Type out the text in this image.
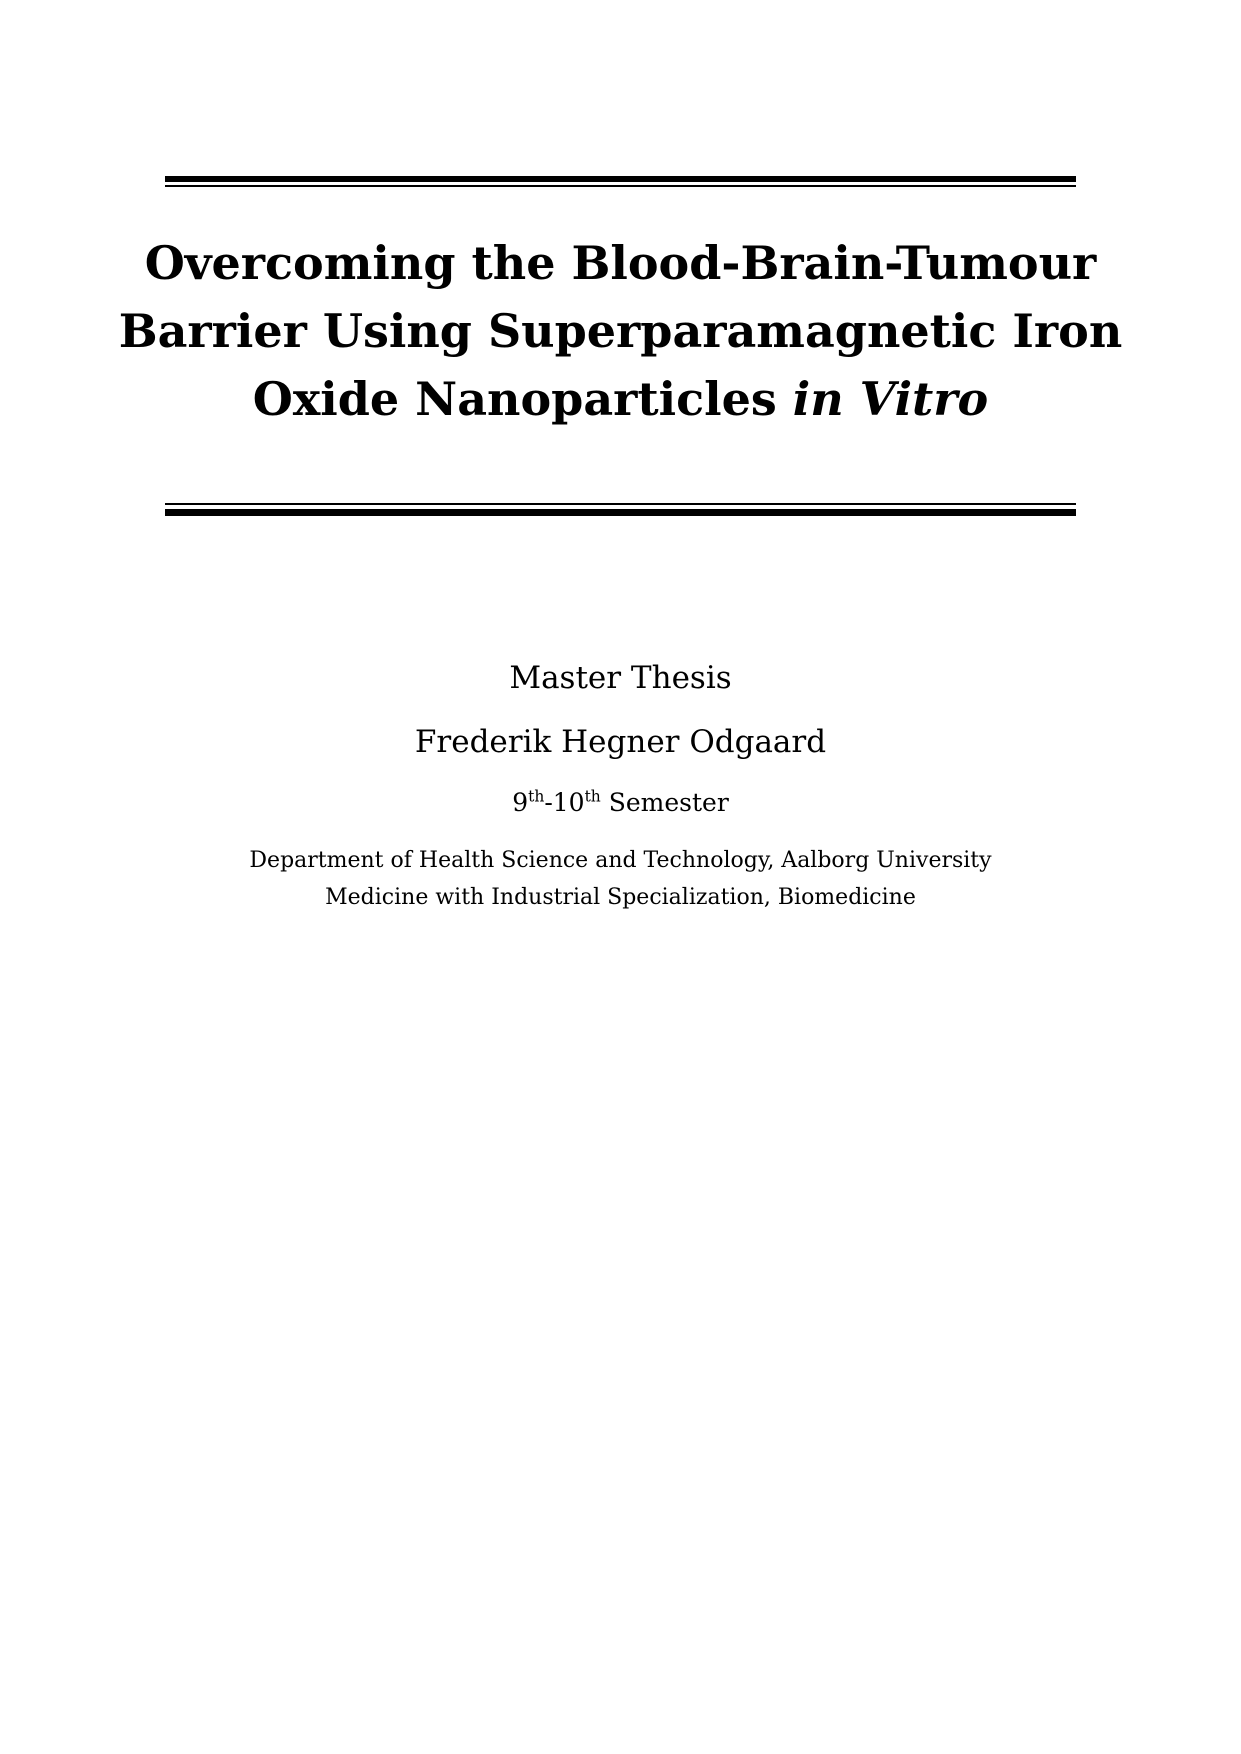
Overcoming the Blood-Brain-Tumour
Barrier Using Superparamagnetic Iron
Oxide Nanoparticles in Vitro
Master Thesis
Frederik Hegner Odgaard
9th-10th Semester
Department of Health Science and Technology, Aalborg University
Medicine with Industrial Specialization, Biomedicine
